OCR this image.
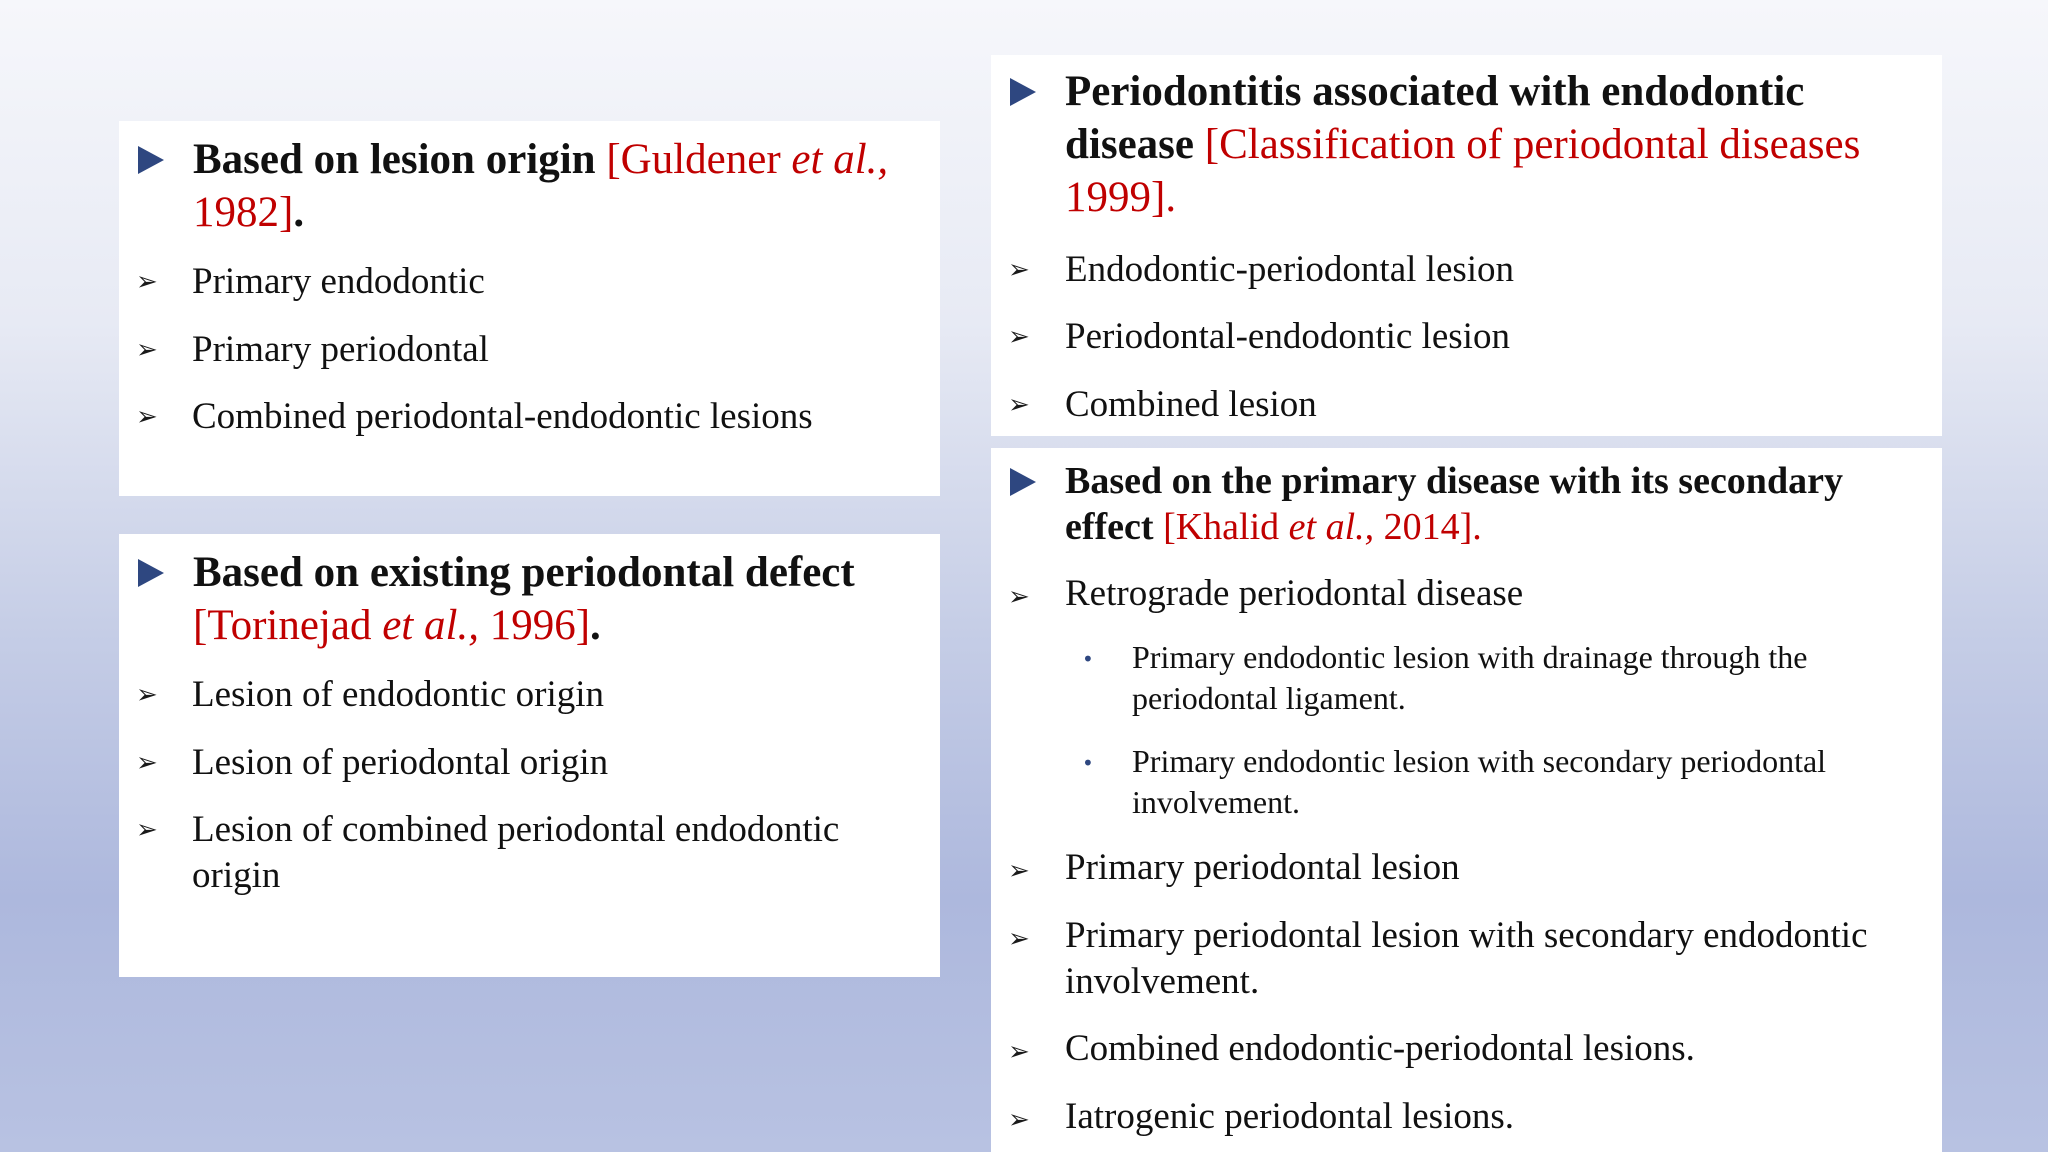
Based on lesion origin [Guldener et al.,
1982].
➢ Primary endodontic
➢ Primary periodontal
➢ Combined periodontal-endodontic lesions
Based on existing periodontal defect
[Torinejad et al., 1996].
➢ Lesion of endodontic origin
➢ Lesion of periodontal origin
➢ Lesion of combined periodontal endodontic
origin
Periodontitis associated with endodontic
disease [Classification of periodontal diseases
1999].
➢ Endodontic-periodontal lesion
➢ Periodontal-endodontic lesion
➢ Combined lesion
Based on the primary disease with its secondary
effect [Khalid et al., 2014].
➢ Retrograde periodontal disease
• Primary endodontic lesion with drainage through the
periodontal ligament.
• Primary endodontic lesion with secondary periodontal
involvement.
➢ Primary periodontal lesion
➢ Primary periodontal lesion with secondary endodontic
involvement.
➢ Combined endodontic-periodontal lesions.
➢ Iatrogenic periodontal lesions.
